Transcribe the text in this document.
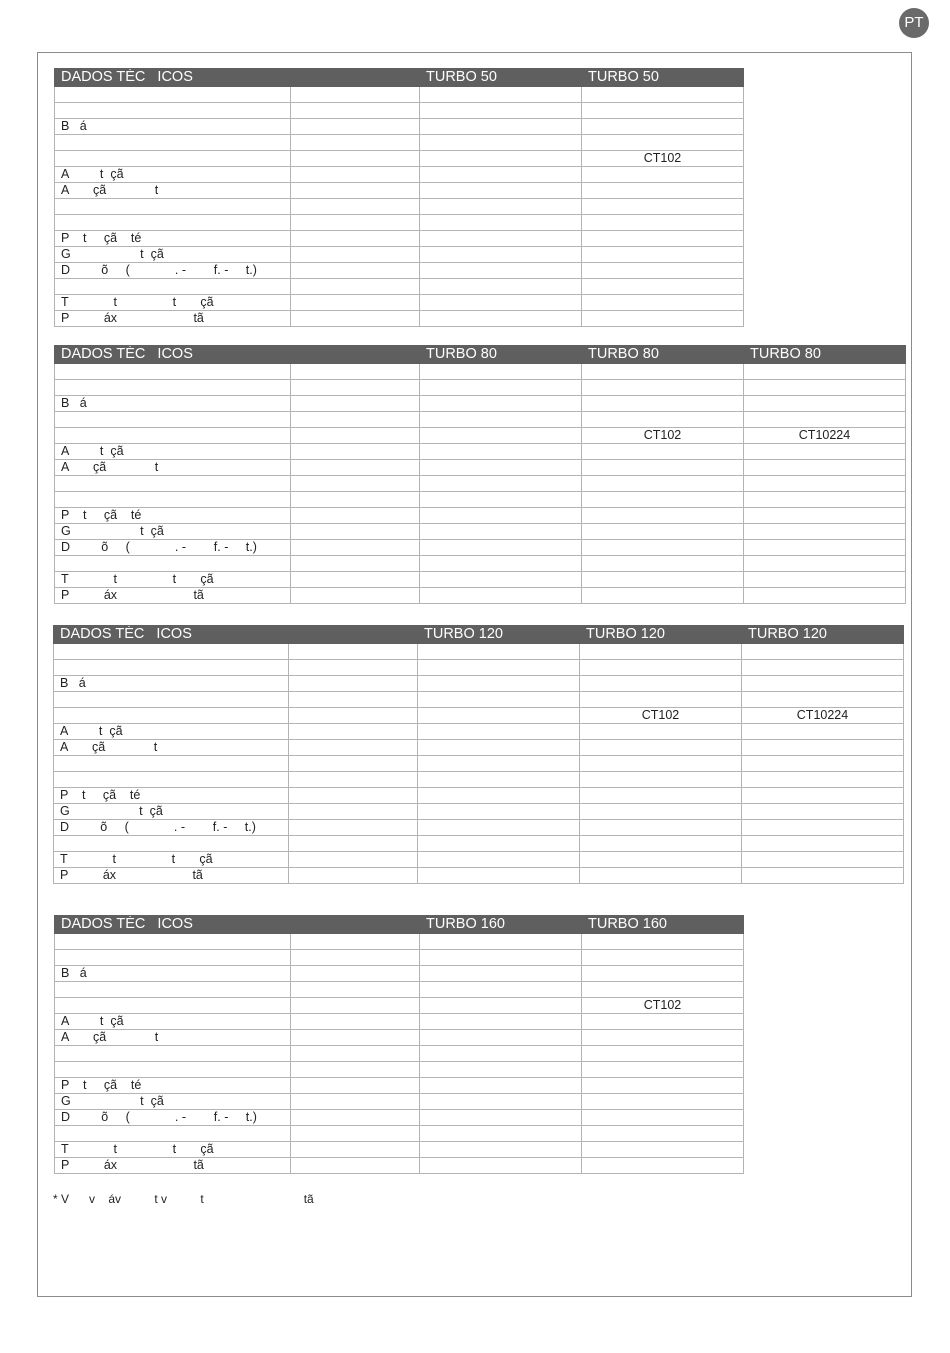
PT
DADOS TÉC   ICOS		TURBO 50	TURBO 50

B   á			

			CT102
A         t  çã			
A       çã              t			

P    t     çã    té			
G                    t  çã			
D         õ     (             . -        f. -     t.)			

T             t                t       çã			
P          áx                      tã			
DADOS TÉC   ICOS		TURBO 80	TURBO 80	TURBO 80

B   á				

			CT102	CT10224
A         t  çã				
A       çã              t				

P    t     çã    té				
G                    t  çã				
D         õ     (             . -        f. -     t.)				

T             t                t       çã				
P          áx                      tã				
DADOS TÉC   ICOS		TURBO 120	TURBO 120	TURBO 120

B   á				

			CT102	CT10224
A         t  çã				
A       çã              t				

P    t     çã    té				
G                    t  çã				
D         õ     (             . -        f. -     t.)				

T             t                t       çã				
P          áx                      tã				
DADOS TÉC   ICOS		TURBO 160	TURBO 160

B   á			

			CT102
A         t  çã			
A       çã              t			

P    t     çã    té			
G                    t  çã			
D         õ     (             . -        f. -     t.)			

T             t                t       çã			
P          áx                      tã			
* V      v    áv          t v          t                              tã
